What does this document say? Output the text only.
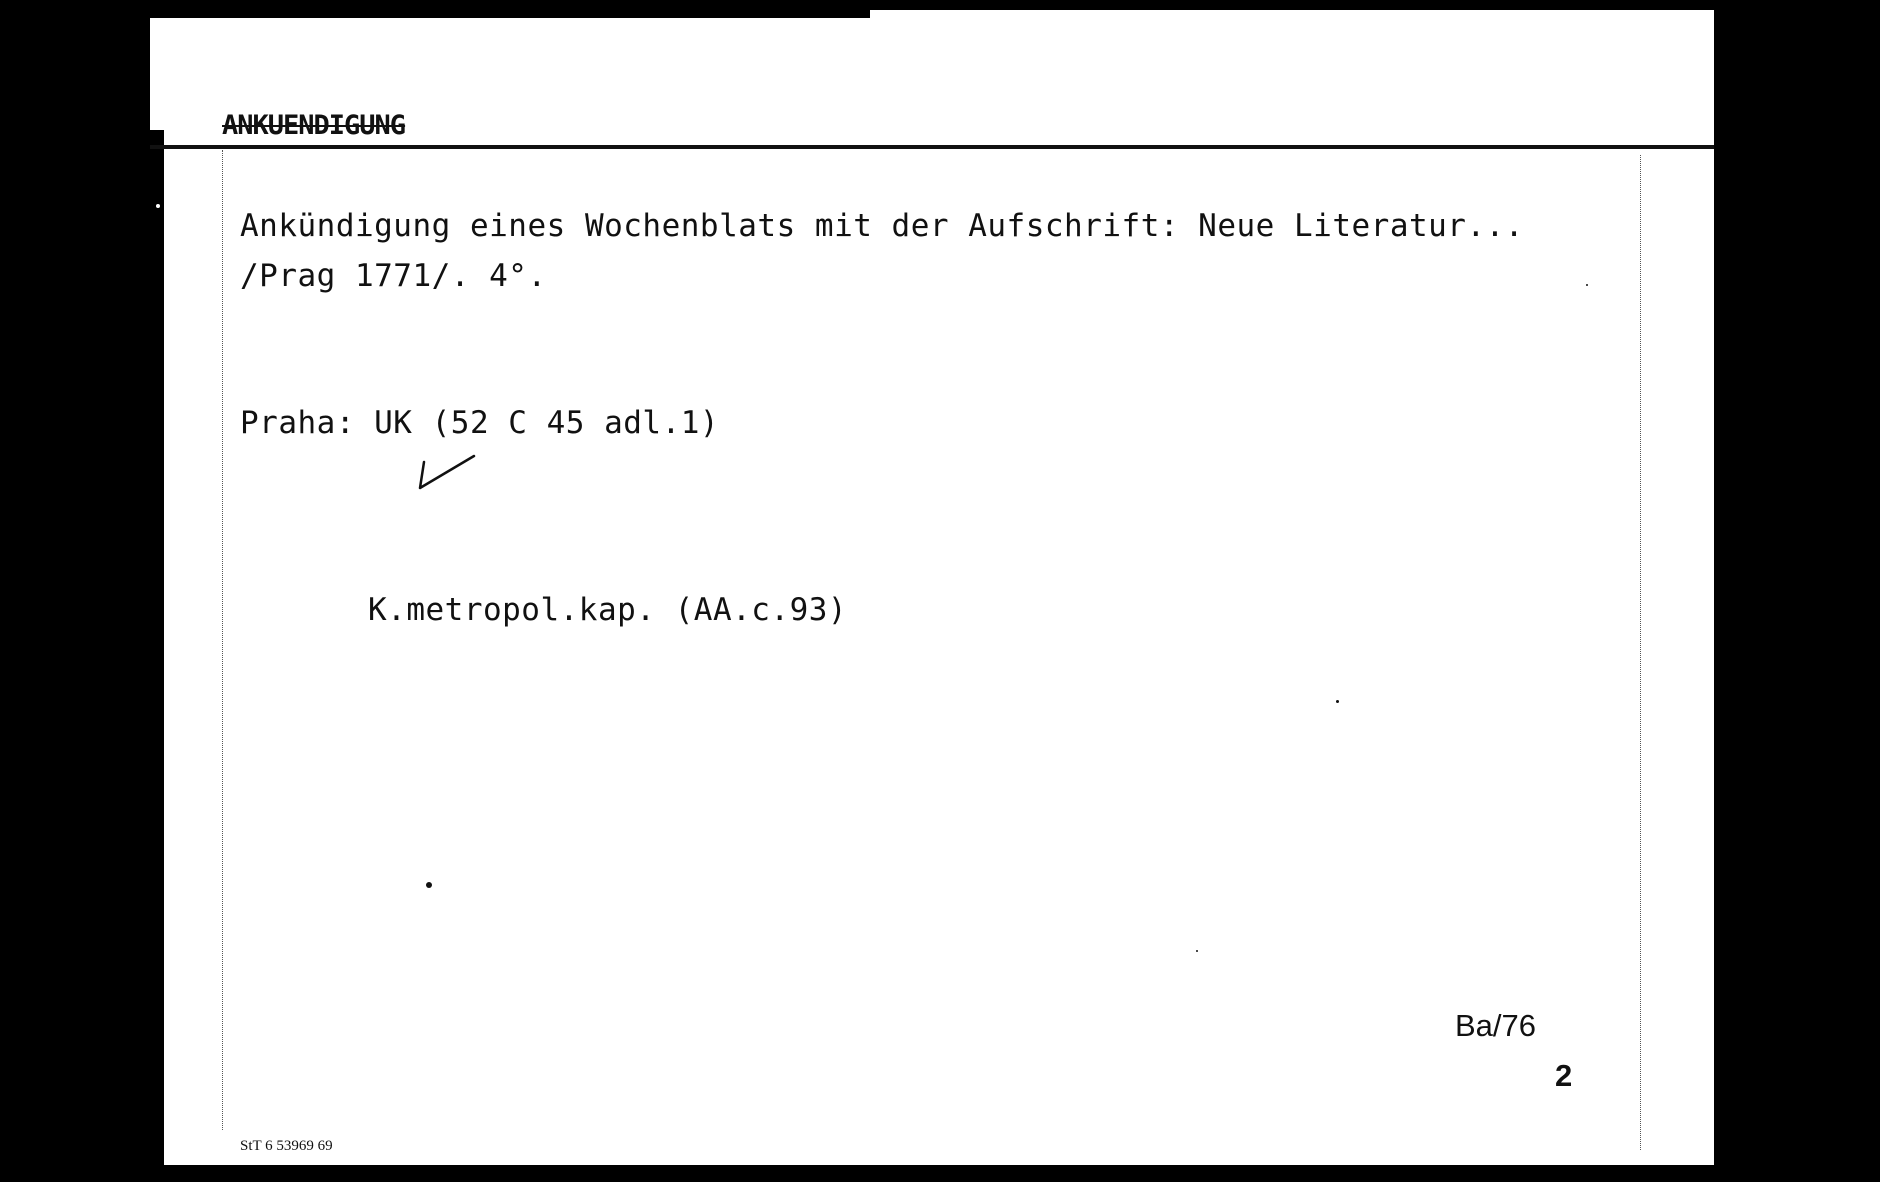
ANKUENDIGUNG
Ankündigung eines Wochenblats mit der Aufschrift: Neue Literatur...
/Prag 1771/. 4°.
Praha: UK (52 C 45 adl.1)
K.metropol.kap. (AA.c.93)
Ba/76
2
StT 6 53969 69
